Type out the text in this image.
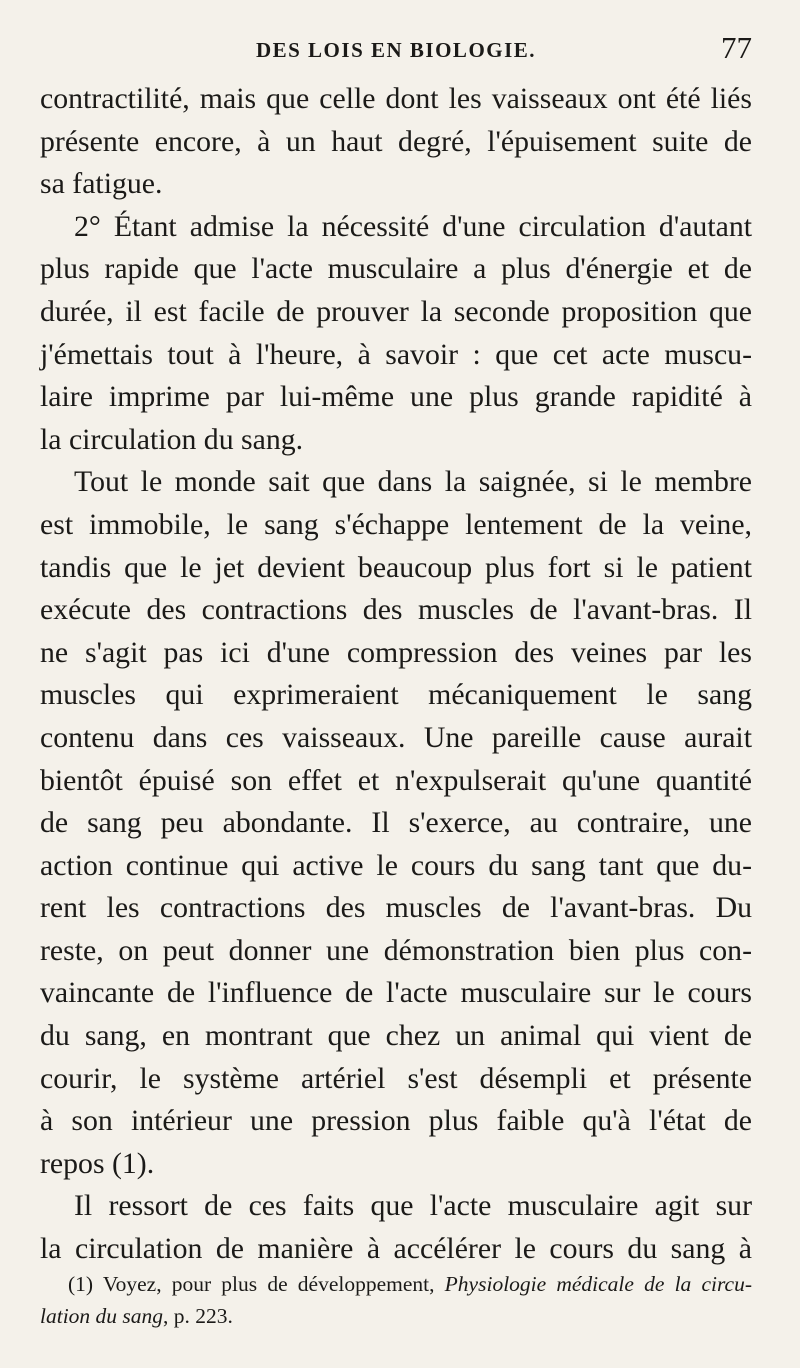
DES LOIS EN BIOLOGIE.	77
contractilité, mais que celle dont les vaisseaux ont été liés
présente encore, à un haut degré, l'épuisement suite de
sa fatigue.
2° Étant admise la nécessité d'une circulation d'autant
plus rapide que l'acte musculaire a plus d'énergie et de
durée, il est facile de prouver la seconde proposition que
j'émettais tout à l'heure, à savoir : que cet acte muscu-
laire imprime par lui-même une plus grande rapidité à
la circulation du sang.
Tout le monde sait que dans la saignée, si le membre
est immobile, le sang s'échappe lentement de la veine,
tandis que le jet devient beaucoup plus fort si le patient
exécute des contractions des muscles de l'avant-bras. Il
ne s'agit pas ici d'une compression des veines par les
muscles qui exprimeraient mécaniquement le sang
contenu dans ces vaisseaux. Une pareille cause aurait
bientôt épuisé son effet et n'expulserait qu'une quantité
de sang peu abondante. Il s'exerce, au contraire, une
action continue qui active le cours du sang tant que du-
rent les contractions des muscles de l'avant-bras. Du
reste, on peut donner une démonstration bien plus con-
vaincante de l'influence de l'acte musculaire sur le cours
du sang, en montrant que chez un animal qui vient de
courir, le système artériel s'est désempli et présente
à son intérieur une pression plus faible qu'à l'état de
repos (1).
Il ressort de ces faits que l'acte musculaire agit sur
la circulation de manière à accélérer le cours du sang à
(1) Voyez, pour plus de développement, Physiologie médicale de la circu-
lation du sang, p. 223.
